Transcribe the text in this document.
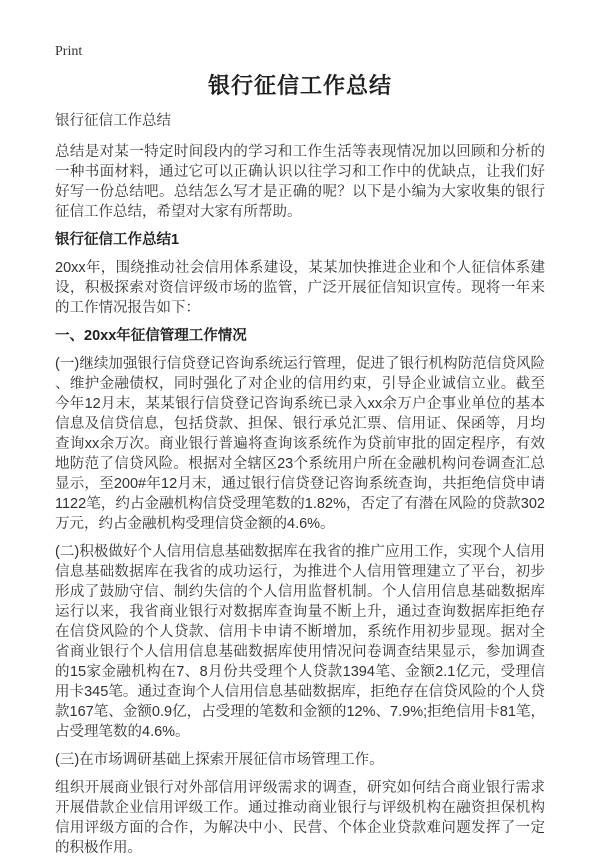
Print
银行征信工作总结
银行征信工作总结

总结是对某一特定时间段内的学习和工作生活等表现情况加以回顾和分析的一种书面材料，通过它可以正确认识以往学习和工作中的优缺点，让我们好好写一份总结吧。总结怎么写才是正确的呢？以下是小编为大家收集的银行征信工作总结，希望对大家有所帮助。

银行征信工作总结1

20xx年，围绕推动社会信用体系建设，某某加快推进企业和个人征信体系建设，积极探索对资信评级市场的监管，广泛开展征信知识宣传。现将一年来的工作情况报告如下：

一、20xx年征信管理工作情况

(一)继续加强银行信贷登记咨询系统运行管理，促进了银行机构防范信贷风险、维护金融债权，同时强化了对企业的信用约束，引导企业诚信立业。截至今年12月末，某某银行信贷登记咨询系统已录入xx余万户企事业单位的基本信息及信贷信息，包括贷款、担保、银行承兑汇票、信用证、保函等，月均查询xx余万次。商业银行普遍将查询该系统作为贷前审批的固定程序，有效地防范了信贷风险。根据对全辖区23个系统用户所在金融机构问卷调查汇总显示，至200#年12月末，通过银行信贷登记咨询系统查询，共拒绝信贷申请1122笔，约占金融机构信贷受理笔数的1.82%，否定了有潜在风险的贷款302万元，约占金融机构受理信贷金额的4.6%。

(二)积极做好个人信用信息基础数据库在我省的推广应用工作，实现个人信用信息基础数据库在我省的成功运行，为推进个人信用管理建立了平台，初步形成了鼓励守信、制约失信的个人信用监督机制。个人信用信息基础数据库运行以来，我省商业银行对数据库查询量不断上升，通过查询数据库拒绝存在信贷风险的个人贷款、信用卡申请不断增加，系统作用初步显现。据对全省商业银行个人信用信息基础数据库使用情况问卷调查结果显示，参加调查的15家金融机构在7、8月份共受理个人贷款1394笔、金额2.1亿元，受理信用卡345笔。通过查询个人信用信息基础数据库，拒绝存在信贷风险的个人贷款167笔、金额0.9亿，占受理的笔数和金额的12%、7.9%;拒绝信用卡81笔，占受理笔数的4.6%。

(三)在市场调研基础上探索开展征信市场管理工作。

组织开展商业银行对外部信用评级需求的调查，研究如何结合商业银行需求开展借款企业信用评级工作。通过推动商业银行与评级机构在融资担保机构信用评级方面的合作，为解决中小、民营、个体企业贷款难问题发挥了一定的积极作用。
